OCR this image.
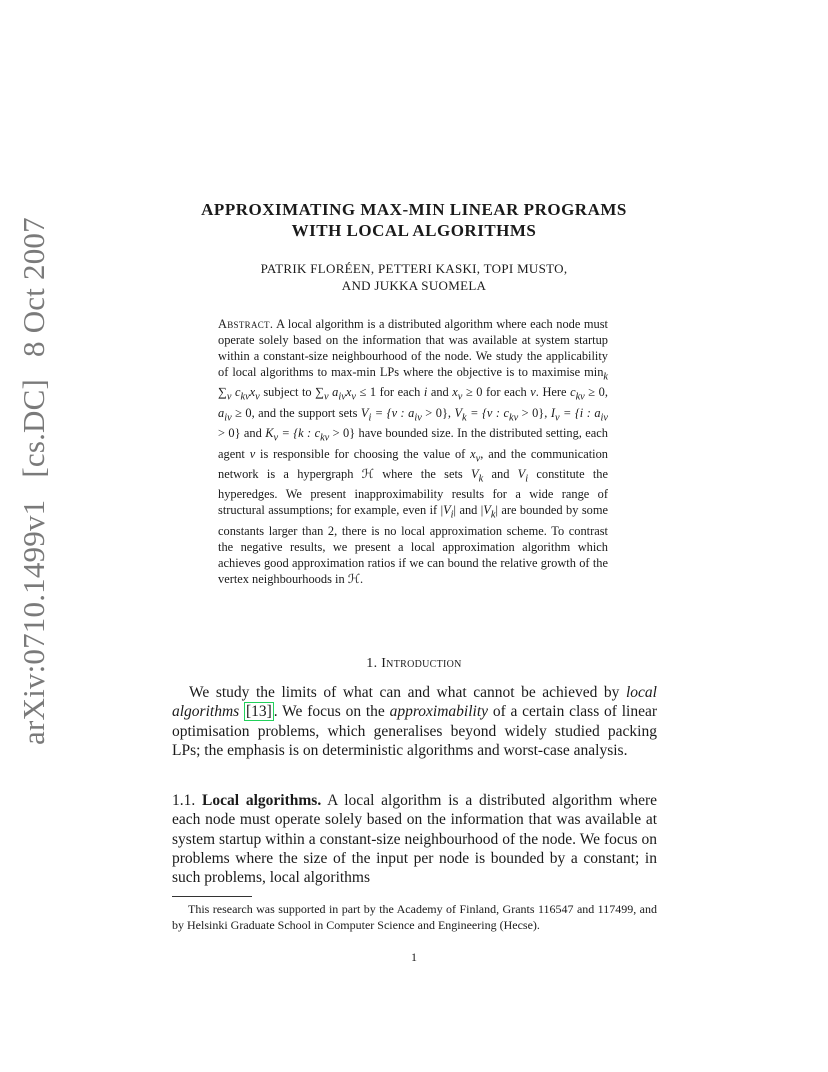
arXiv:0710.1499v1[cs.DC]8 Oct 2007
APPROXIMATING MAX-MIN LINEAR PROGRAMS
WITH LOCAL ALGORITHMS
PATRIK FLORÉEN, PETTERI KASKI, TOPI MUSTO,
AND JUKKA SUOMELA
Abstract. A local algorithm is a distributed algorithm where each node must operate solely based on the information that was available at system startup within a constant-size neighbourhood of the node. We study the applicability of local algorithms to max-min LPs where the objective is to maximise $\min_k \sum_v$ $c_{kv}x_v$ subject to $\sum_v$ $a_{iv}x_v \le 1$ for each i and $x_v \ge 0$ for each v. Here $c_{kv} \ge 0$, $a_{iv} \ge 0$, and the support sets $V_i = \{v$ : $a_{iv} > 0$}, $V_k = \{v$ : $c_{kv} > 0$}, $I_v = \{i$ : $a_{iv} > 0$} and $K_v = \{k$ : $c_{kv} > 0$} have bounded size. In the distributed setting, each agent v is responsible for choosing the value of $x_v$, and the communication network is a hypergraph ℋ where the sets $V_k$ and $V_i$ constitute the hyperedges. We present inapproximability results for a wide range of structural assumptions; for example, even if $|V_i|$ and $|V_k|$ are bounded by some constants larger than 2, there is no local approximation scheme. To contrast the negative results, we present a local approximation algorithm which achieves good approximation ratios if we can bound the relative growth of the vertex neighbourhoods in ℋ.
1. Introduction
We study the limits of what can and what cannot be achieved by local algorithms [13] . We focus on the approximability of a certain class of linear optimisation problems, which generalises beyond widely studied packing LPs; the emphasis is on deterministic algorithms and worst-case analysis.
1.1. Local algorithms. A local algorithm is a distributed algorithm where each node must operate solely based on the information that was available at system startup within a constant-size neighbourhood of the node. We focus on problems where the size of the input per node is bounded by a constant; in such problems, local algorithms
This research was supported in part by the Academy of Finland, Grants 116547 and 117499, and by Helsinki Graduate School in Computer Science and Engineering (Hecse).
1
